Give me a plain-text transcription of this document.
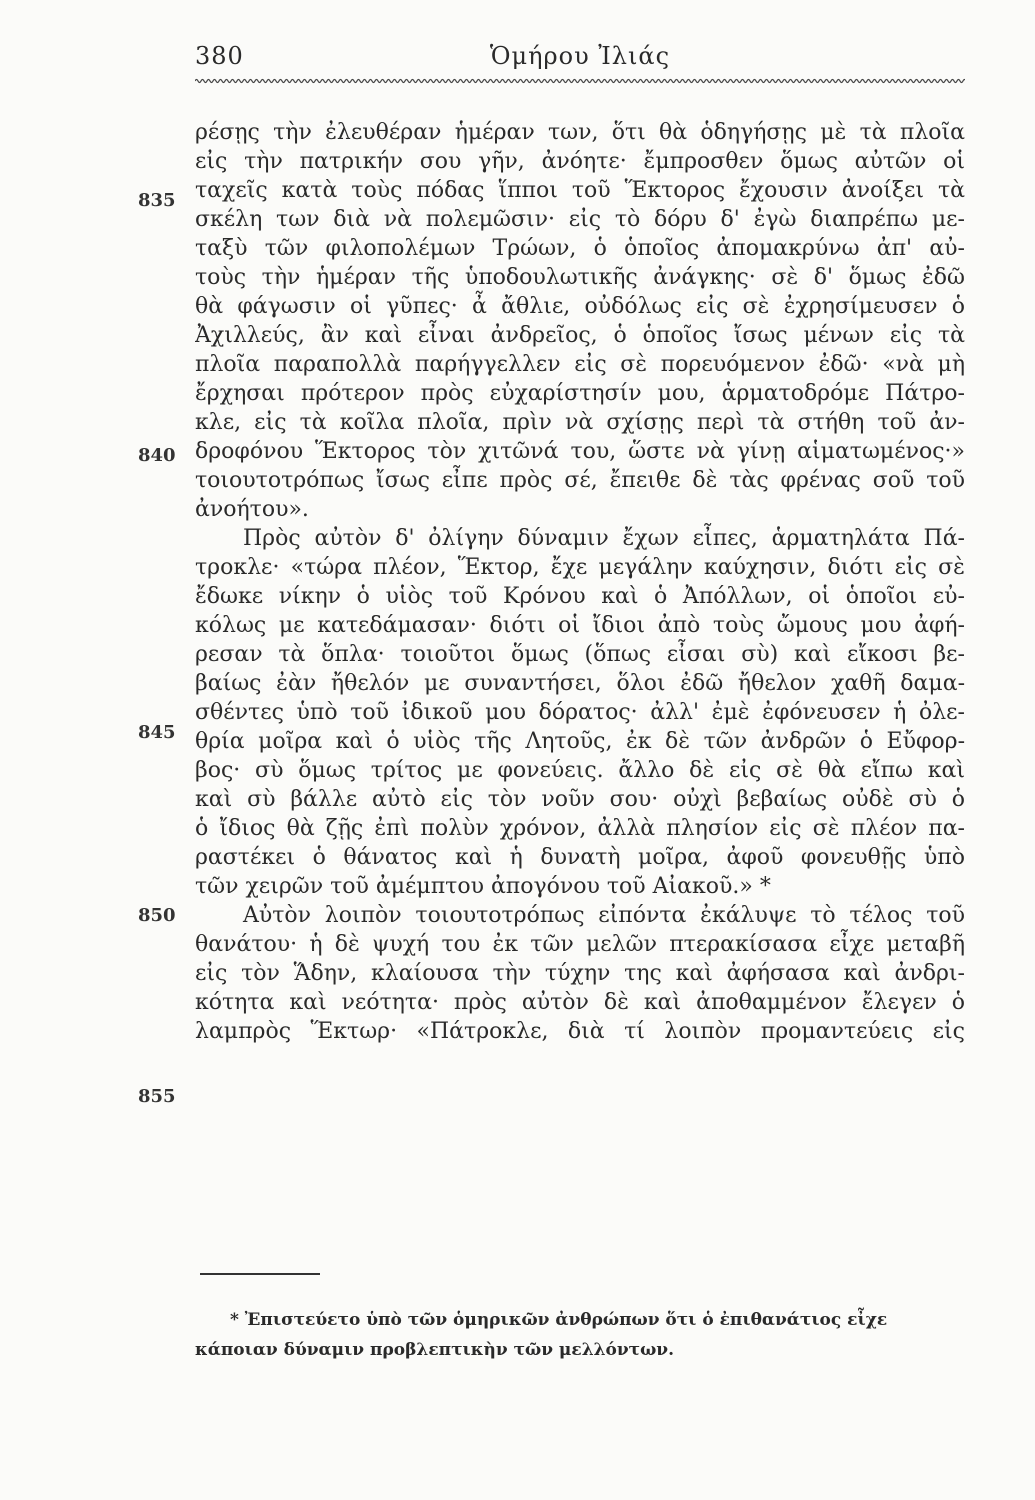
380	Ὁμήρου Ἰλιάς
835
840
845
850
855
ρέσῃς τὴν ἐλευθέραν ἡμέραν των, ὅτι θὰ ὁδηγήσῃς μὲ τὰ πλοῖα
εἰς τὴν πατρικήν σου γῆν, ἀνόητε· ἔμπροσθεν ὅμως αὐτῶν οἱ
ταχεῖς κατὰ τοὺς πόδας ἵπποι τοῦ Ἕκτορος ἔχουσιν ἀνοίξει τὰ
σκέλη των διὰ νὰ πολεμῶσιν· εἰς τὸ δόρυ δ' ἐγὼ διαπρέπω με-
ταξὺ τῶν φιλοπολέμων Τρώων, ὁ ὁποῖος ἀπομακρύνω ἀπ' αὐ-
τοὺς τὴν ἡμέραν τῆς ὑποδουλωτικῆς ἀνάγκης· σὲ δ' ὅμως ἐδῶ
θὰ φάγωσιν οἱ γῦπες· ἆ ἄθλιε, οὐδόλως εἰς σὲ ἐχρησίμευσεν ὁ
Ἀχιλλεύς, ἂν καὶ εἶναι ἀνδρεῖος, ὁ ὁποῖος ἴσως μένων εἰς τὰ
πλοῖα παραπολλὰ παρήγγελλεν εἰς σὲ πορευόμενον ἐδῶ· «νὰ μὴ
ἔρχησαι πρότερον πρὸς εὐχαρίστησίν μου, ἁρματοδρόμε Πάτρο-
κλε, εἰς τὰ κοῖλα πλοῖα, πρὶν νὰ σχίσῃς περὶ τὰ στήθη τοῦ ἀν-
δροφόνου Ἕκτορος τὸν χιτῶνά του, ὥστε νὰ γίνῃ αἱματωμένος·»
τοιουτοτρόπως ἴσως εἶπε πρὸς σέ, ἔπειθε δὲ τὰς φρένας σοῦ τοῦ
ἀνοήτου».
Πρὸς αὐτὸν δ' ὀλίγην δύναμιν ἔχων εἶπες, ἁρματηλάτα Πά-
τροκλε· «τώρα πλέον, Ἕκτορ, ἔχε μεγάλην καύχησιν, διότι εἰς σὲ
ἔδωκε νίκην ὁ υἱὸς τοῦ Κρόνου καὶ ὁ Ἀπόλλων, οἱ ὁποῖοι εὐ-
κόλως με κατεδάμασαν· διότι οἱ ἴδιοι ἀπὸ τοὺς ὤμους μου ἀφή-
ρεσαν τὰ ὅπλα· τοιοῦτοι ὅμως (ὅπως εἶσαι σὺ) καὶ εἴκοσι βε-
βαίως ἐὰν ἤθελόν με συναντήσει, ὅλοι ἐδῶ ἤθελον χαθῆ δαμα-
σθέντες ὑπὸ τοῦ ἰδικοῦ μου δόρατος· ἀλλ' ἐμὲ ἐφόνευσεν ἡ ὀλε-
θρία μοῖρα καὶ ὁ υἱὸς τῆς Λητοῦς, ἐκ δὲ τῶν ἀνδρῶν ὁ Εὔφορ-
βος· σὺ ὅμως τρίτος με φονεύεις. ἄλλο δὲ εἰς σὲ θὰ εἴπω καὶ
καὶ σὺ βάλλε αὐτὸ εἰς τὸν νοῦν σου· οὐχὶ βεβαίως οὐδὲ σὺ ὁ
ὁ ἴδιος θὰ ζῇς ἐπὶ πολὺν χρόνον, ἀλλὰ πλησίον εἰς σὲ πλέον πα-
ραστέκει ὁ θάνατος καὶ ἡ δυνατὴ μοῖρα, ἀφοῦ φονευθῇς ὑπὸ
τῶν χειρῶν τοῦ ἀμέμπτου ἀπογόνου τοῦ Αἰακοῦ.» *
Αὐτὸν λοιπὸν τοιουτοτρόπως εἰπόντα ἐκάλυψε τὸ τέλος τοῦ
θανάτου· ἡ δὲ ψυχή του ἐκ τῶν μελῶν πτερακίσασα εἶχε μεταβῆ
εἰς τὸν Ἅδην, κλαίουσα τὴν τύχην της καὶ ἀφήσασα καὶ ἀνδρι-
κότητα καὶ νεότητα· πρὸς αὐτὸν δὲ καὶ ἀποθαμμένον ἔλεγεν ὁ
λαμπρὸς Ἕκτωρ· «Πάτροκλε, διὰ τί λοιπὸν προμαντεύεις εἰς
* Ἐπιστεύετο ὑπὸ τῶν ὁμηρικῶν ἀνθρώπων ὅτι ὁ ἐπιθανάτιος εἶχε
κάποιαν δύναμιν προβλεπτικὴν τῶν μελλόντων.
